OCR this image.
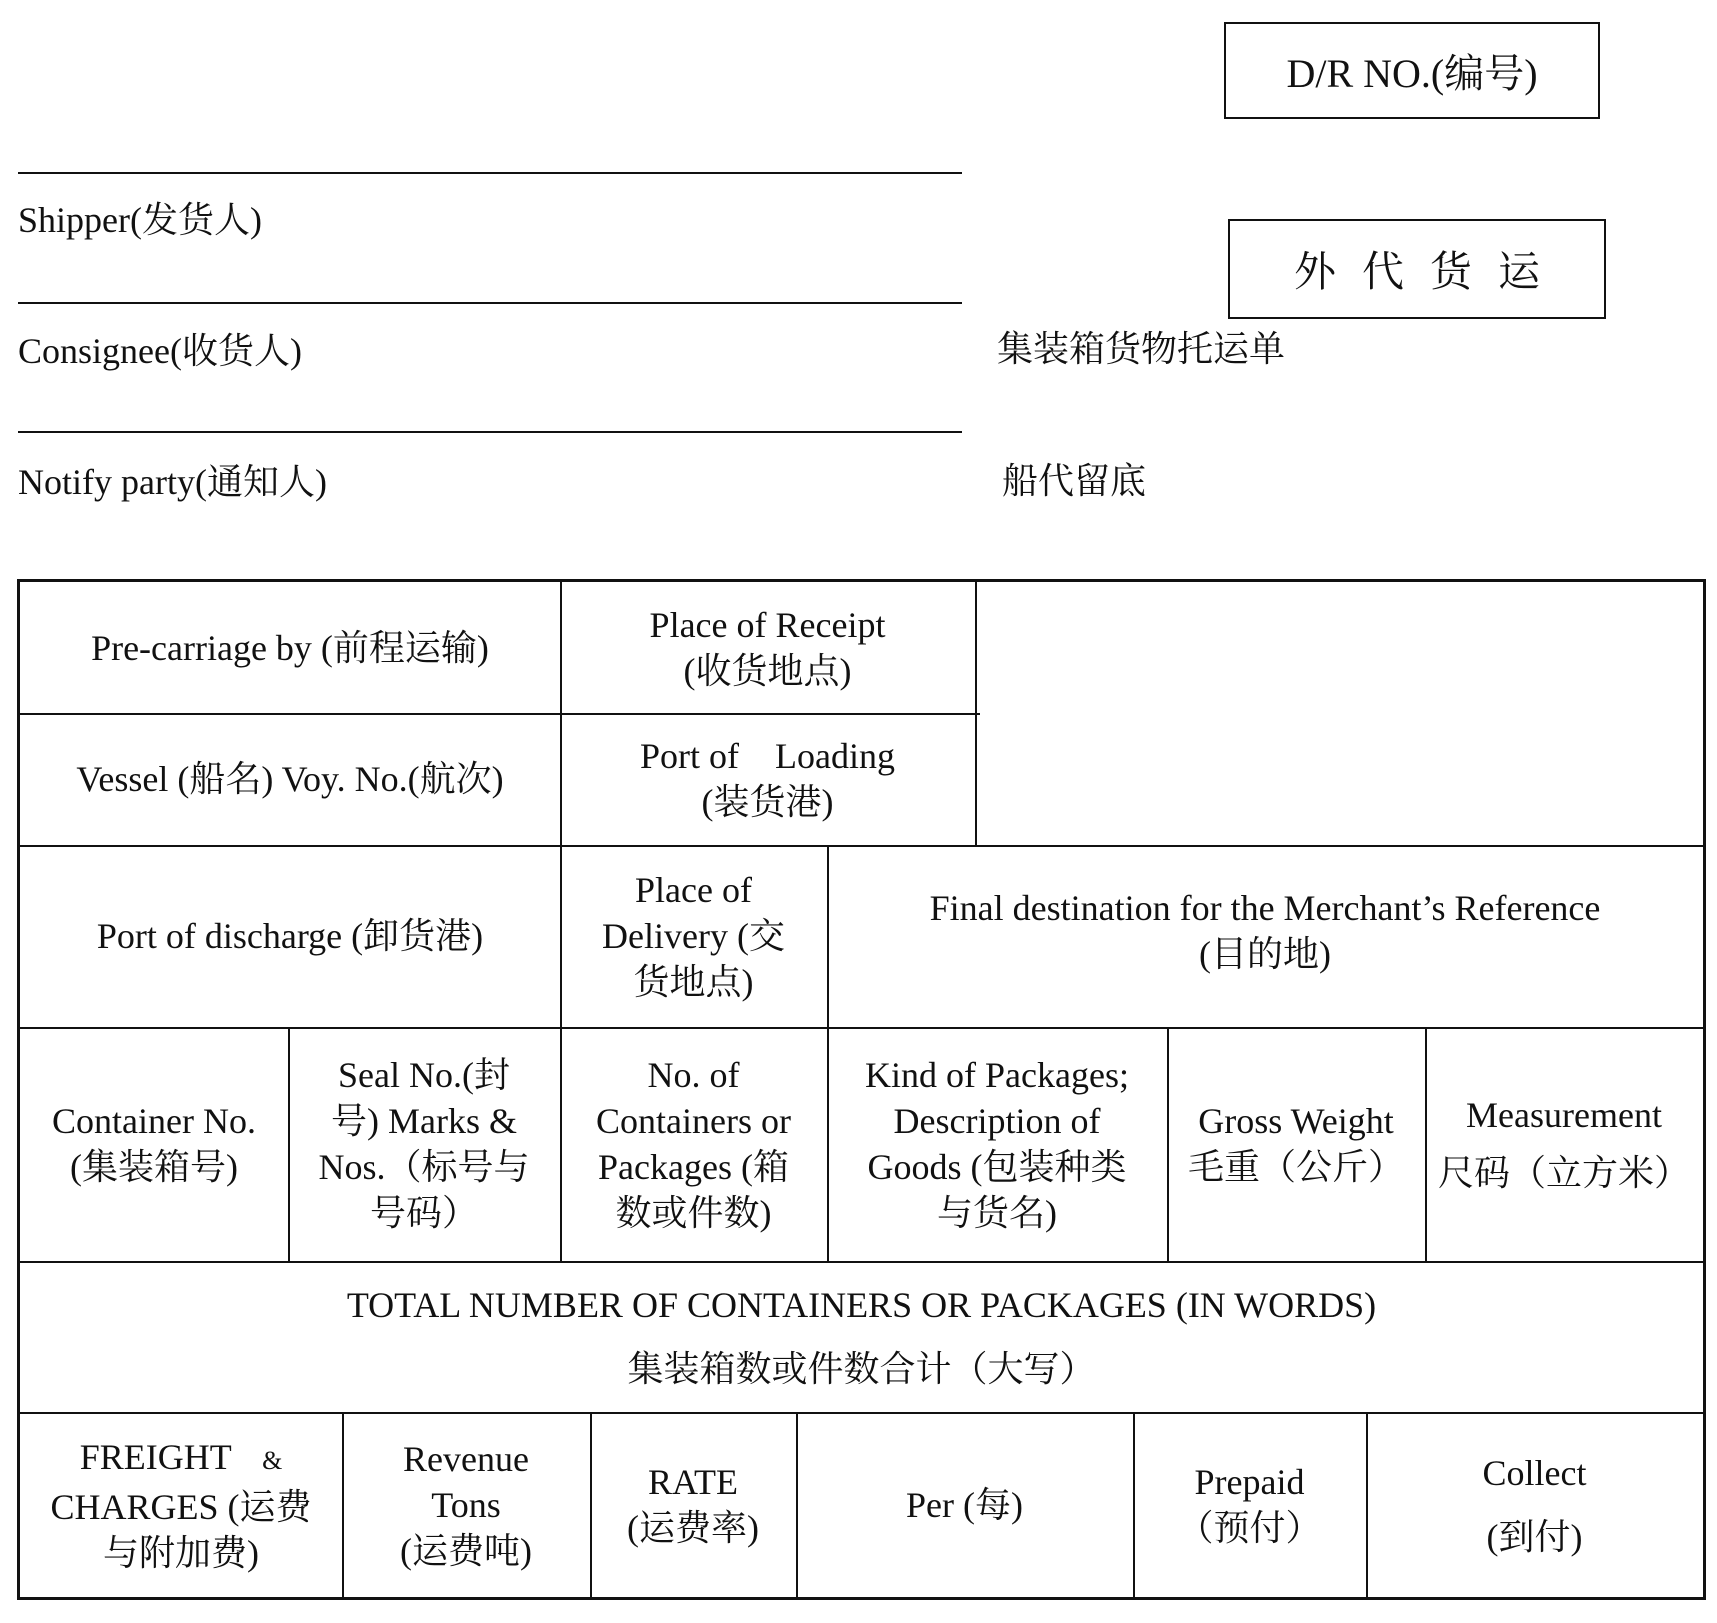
D/R NO.(编号)
外代货运
Shipper(发货人)
Consignee(收货人)
Notify party(通知人)
集装箱货物托运单
船代留底
Pre-carriage by (前程运输)
Place of Receipt
(收货地点)
Vessel (船名) Voy. No.(航次)
Port of    Loading
(装货港)
Port of discharge (卸货港)
Place of
Delivery (交
货地点)
Final destination for the Merchant’s Reference
(目的地)
Container No.
(集装箱号)
Seal No.(封
号) Marks &
Nos.（标号与
号码）
No. of
Containers or
Packages (箱
数或件数)
Kind of Packages;
Description of
Goods (包装种类
与货名)
Gross Weight
毛重（公斤）
Measurement
尺码（立方米）
TOTAL NUMBER OF CONTAINERS OR PACKAGES (IN WORDS)
集装箱数或件数合计（大写）
FREIGHT &
CHARGES (运费
与附加费)
Revenue
Tons
(运费吨)
RATE
(运费率)
Per (每)
Prepaid
（预付）
Collect
(到付)
